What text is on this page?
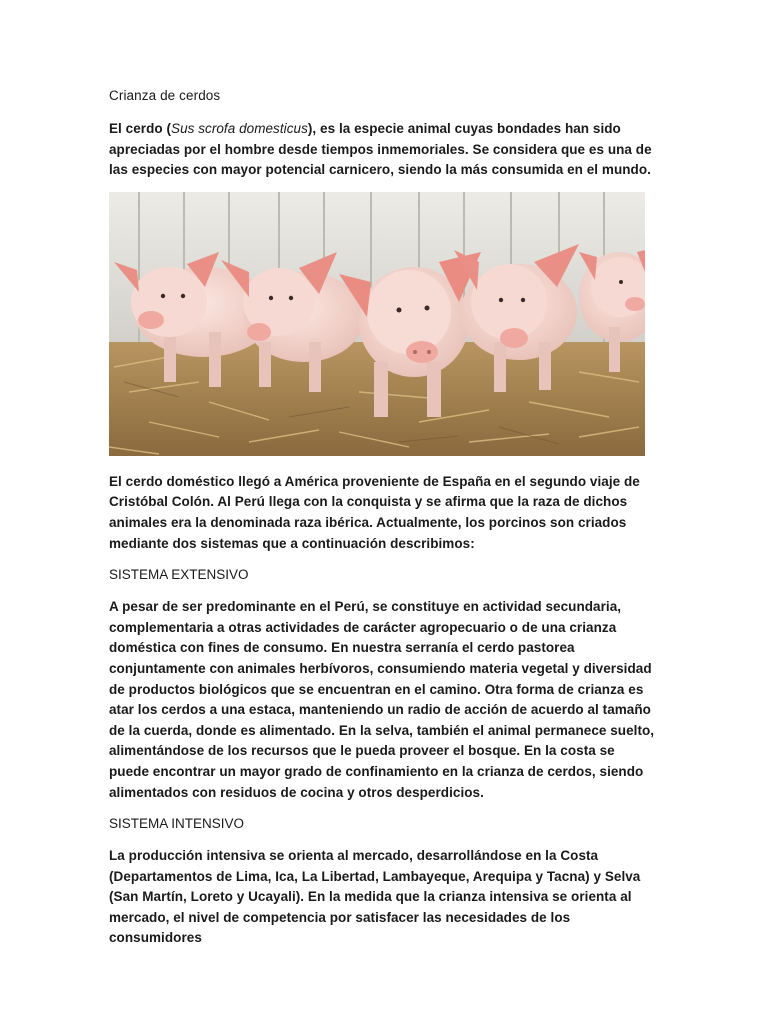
Crianza de cerdos

El cerdo (Sus scrofa domesticus), es la especie animal cuyas bondades han sido apreciadas por el hombre desde tiempos inmemoriales. Se considera que es una de las especies con mayor potencial carnicero, siendo la más consumida en el mundo.

El cerdo doméstico llegó a América proveniente de España en el segundo viaje de Cristóbal Colón. Al Perú llega con la conquista y se afirma que la raza de dichos animales era la denominada raza ibérica. Actualmente, los porcinos son criados mediante dos sistemas que a continuación describimos:

SISTEMA EXTENSIVO

A pesar de ser predominante en el Perú, se constituye en actividad secundaria, complementaria a otras actividades de carácter agropecuario o de una crianza doméstica con fines de consumo. En nuestra serranía el cerdo pastorea conjuntamente con animales herbívoros, consumiendo materia vegetal y diversidad de productos biológicos que se encuentran en el camino. Otra forma de crianza es atar los cerdos a una estaca, manteniendo un radio de acción de acuerdo al tamaño de la cuerda, donde es alimentado. En la selva, también el animal permanece suelto, alimentándose de los recursos que le pueda proveer el bosque. En la costa se puede encontrar un mayor grado de confinamiento en la crianza de cerdos, siendo alimentados con residuos de cocina y otros desperdicios.

SISTEMA INTENSIVO

La producción intensiva se orienta al mercado, desarrollándose en la Costa (Departamentos de Lima, Ica, La Libertad, Lambayeque, Arequipa y Tacna) y Selva (San Martín, Loreto y Ucayali). En la medida que la crianza intensiva se orienta al mercado, el nivel de competencia por satisfacer las necesidades de los consumidores
